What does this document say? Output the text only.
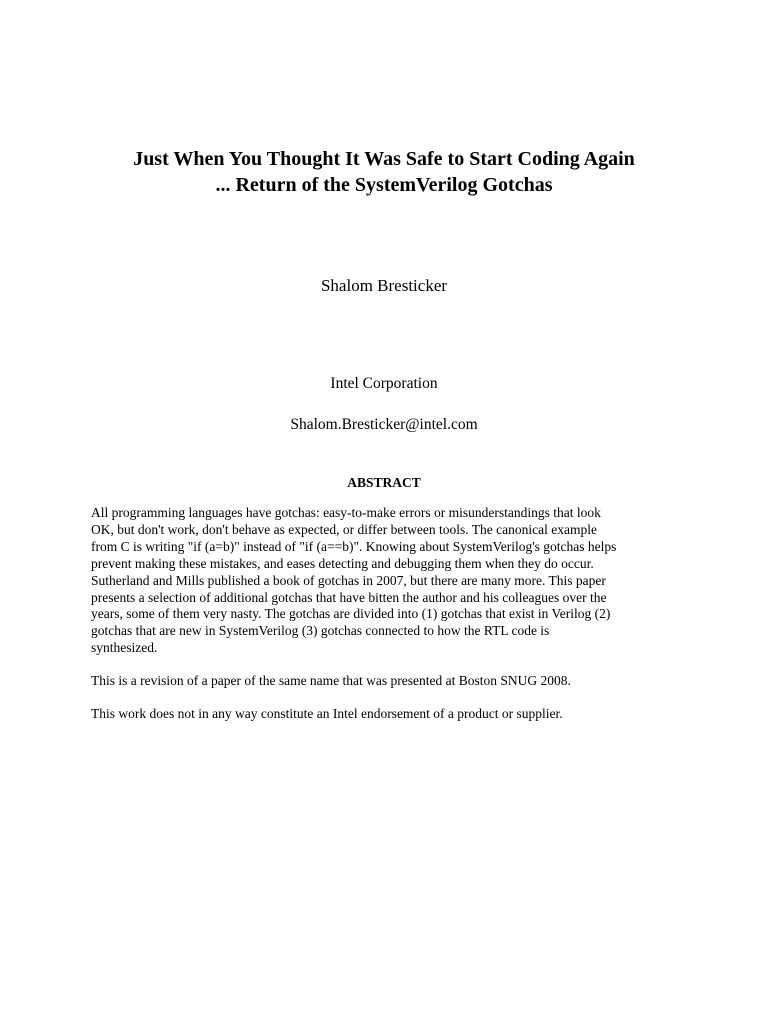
Just When You Thought It Was Safe to Start Coding Again
... Return of the SystemVerilog Gotchas
Shalom Bresticker
Intel Corporation
Shalom.Bresticker@intel.com
ABSTRACT

All programming languages have gotchas: easy-to-make errors or misunderstandings that look
OK, but don't work, don't behave as expected, or differ between tools. The canonical example
from C is writing "if (a=b)" instead of "if (a==b)". Knowing about SystemVerilog's gotchas helps
prevent making these mistakes, and eases detecting and debugging them when they do occur.
Sutherland and Mills published a book of gotchas in 2007, but there are many more. This paper
presents a selection of additional gotchas that have bitten the author and his colleagues over the
years, some of them very nasty. The gotchas are divided into (1) gotchas that exist in Verilog (2)
gotchas that are new in SystemVerilog (3) gotchas connected to how the RTL code is
synthesized.

This is a revision of a paper of the same name that was presented at Boston SNUG 2008.

This work does not in any way constitute an Intel endorsement of a product or supplier.
